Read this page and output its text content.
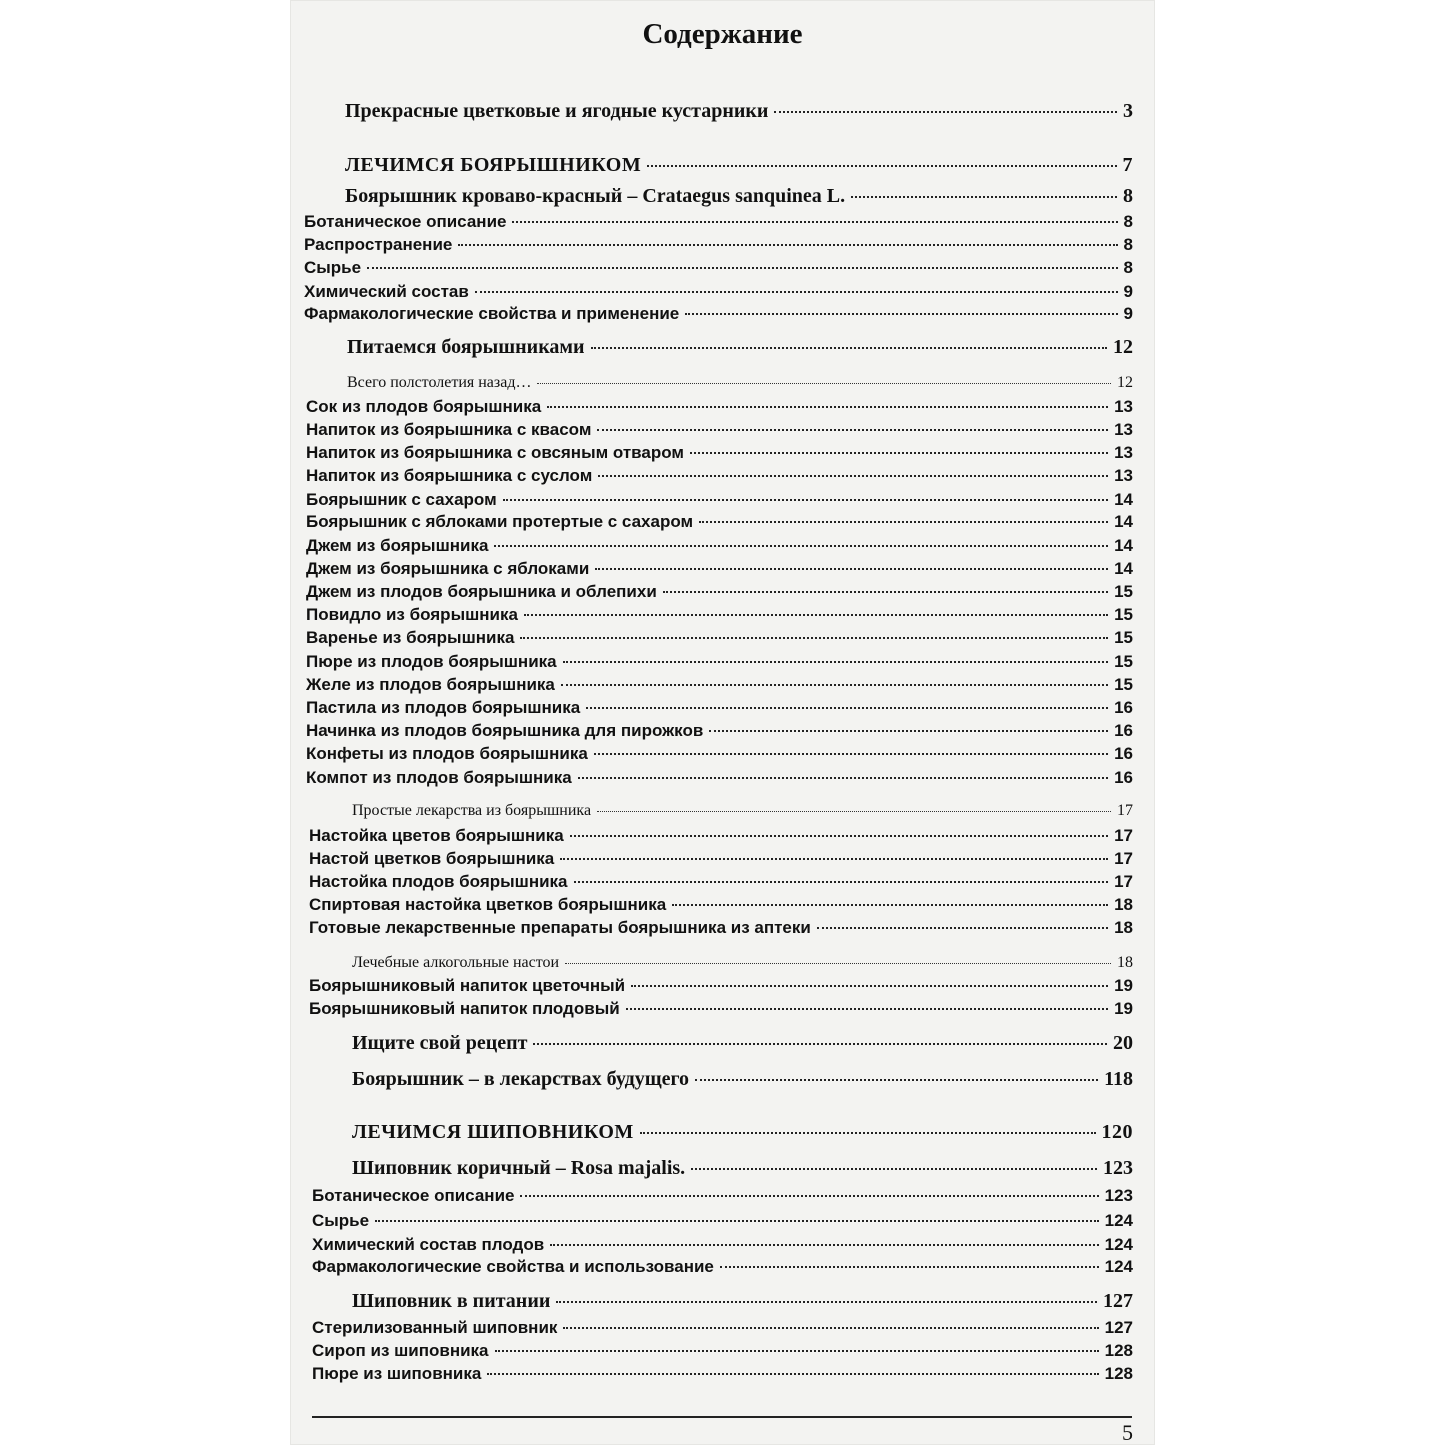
Содержание
Прекрасные цветковые и ягодные кустарники	3
ЛЕЧИМСЯ БОЯРЫШНИКОМ	7
Боярышник кроваво-красный – Crataegus sanquinea L.	8
Ботаническое описание	8
Распространение	8
Сырье	8
Химический состав	9
Фармакологические свойства и применение	9
Питаемся боярышниками	12
Всего полстолетия назад…	12
Сок из плодов боярышника	13
Напиток из боярышника с квасом	13
Напиток из боярышника с овсяным отваром	13
Напиток из боярышника с суслом	13
Боярышник с сахаром	14
Боярышник с яблоками протертые с сахаром	14
Джем из боярышника	14
Джем из боярышника с яблоками	14
Джем из плодов боярышника и облепихи	15
Повидло из боярышника	15
Варенье из боярышника	15
Пюре из плодов боярышника	15
Желе из плодов боярышника	15
Пастила из плодов боярышника	16
Начинка из плодов боярышника для пирожков	16
Конфеты из плодов боярышника	16
Компот из плодов боярышника	16
Простые лекарства из боярышника	17
Настойка цветов боярышника	17
Настой цветков боярышника	17
Настойка плодов боярышника	17
Спиртовая настойка цветков боярышника	18
Готовые лекарственные препараты боярышника из аптеки	18
Лечебные алкогольные настои	18
Боярышниковый напиток цветочный	19
Боярышниковый напиток плодовый	19
Ищите свой рецепт	20
Боярышник – в лекарствах будущего	118
ЛЕЧИМСЯ ШИПОВНИКОМ	120
Шиповник коричный – Rosa majalis.	123
Ботаническое описание	123
Сырье	124
Химический состав плодов	124
Фармакологические свойства и использование	124
Шиповник в питании	127
Стерилизованный шиповник	127
Сироп из шиповника	128
Пюре из шиповника	128
5
